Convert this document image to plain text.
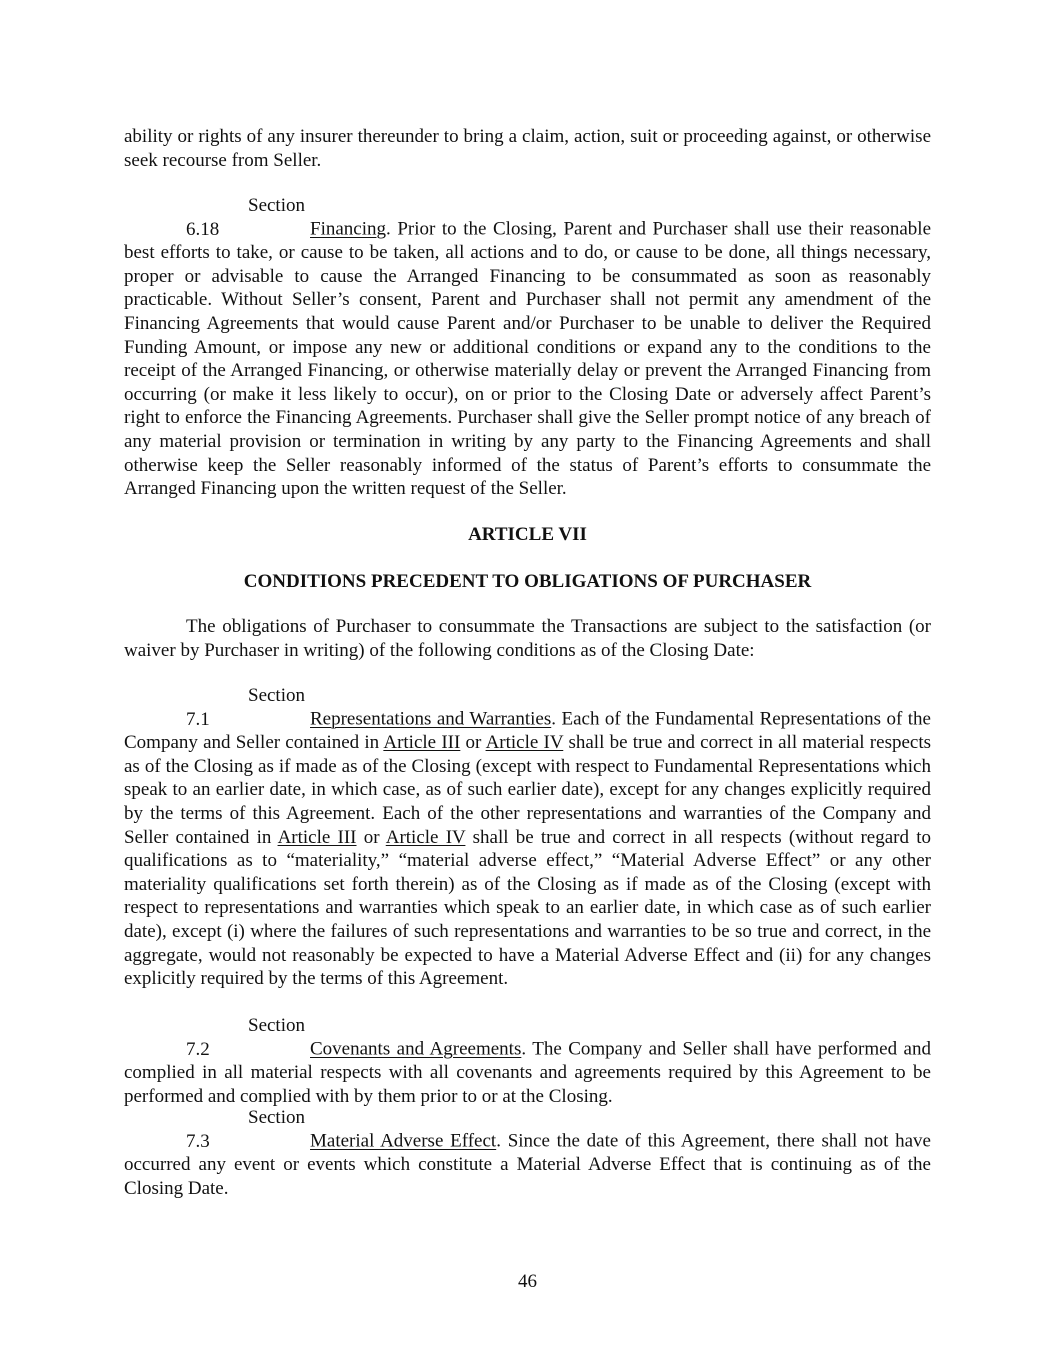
ability or rights of any insurer thereunder to bring a claim, action, suit or proceeding against, or otherwise seek recourse from Seller.

Section 6.18	Financing. Prior to the Closing, Parent and Purchaser shall use their reasonable best efforts to take, or cause to be taken, all actions and to do, or cause to be done, all things necessary, proper or advisable to cause the Arranged Financing to be consummated as soon as reasonably practicable. Without Seller’s consent, Parent and Purchaser shall not permit any amendment of the Financing Agreements that would cause Parent and/or Purchaser to be unable to deliver the Required Funding Amount, or impose any new or additional conditions or expand any to the conditions to the receipt of the Arranged Financing, or otherwise materially delay or prevent the Arranged Financing from occurring (or make it less likely to occur), on or prior to the Closing Date or adversely affect Parent’s right to enforce the Financing Agreements. Purchaser shall give the Seller prompt notice of any breach of any material provision or termination in writing by any party to the Financing Agreements and shall otherwise keep the Seller reasonably informed of the status of Parent’s efforts to consummate the Arranged Financing upon the written request of the Seller.

ARTICLE VII

CONDITIONS PRECEDENT TO OBLIGATIONS OF PURCHASER

The obligations of Purchaser to consummate the Transactions are subject to the satisfaction (or waiver by Purchaser in writing) of the following conditions as of the Closing Date:

Section 7.1	Representations and Warranties. Each of the Fundamental Representations of the Company and Seller contained in Article III or Article IV shall be true and correct in all material respects as of the Closing as if made as of the Closing (except with respect to Fundamental Representations which speak to an earlier date, in which case, as of such earlier date), except for any changes explicitly required by the terms of this Agreement. Each of the other representations and warranties of the Company and Seller contained in Article III or Article IV shall be true and correct in all respects (without regard to qualifications as to “materiality,” “material adverse effect,” “Material Adverse Effect” or any other materiality qualifications set forth therein) as of the Closing as if made as of the Closing (except with respect to representations and warranties which speak to an earlier date, in which case as of such earlier date), except (i) where the failures of such representations and warranties to be so true and correct, in the aggregate, would not reasonably be expected to have a Material Adverse Effect and (ii) for any changes explicitly required by the terms of this Agreement.

Section 7.2	Covenants and Agreements. The Company and Seller shall have performed and complied in all material respects with all covenants and agreements required by this Agreement to be performed and complied with by them prior to or at the Closing.

Section 7.3	Material Adverse Effect. Since the date of this Agreement, there shall not have occurred any event or events which constitute a Material Adverse Effect that is continuing as of the Closing Date.

46
